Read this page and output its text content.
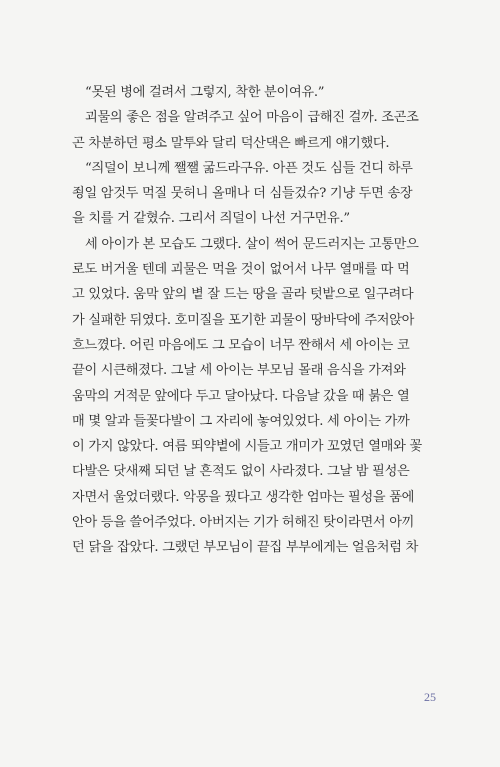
“못된 병에 걸려서 그렇지, 착한 분이여유.”
괴물의 좋은 점을 알려주고 싶어 마음이 급해진 걸까. 조곤조
곤 차분하던 평소 말투와 달리 덕산댁은 빠르게 얘기했다.
“즤덜이 보니께 쨀쨀 굶드라구유. 아픈 것도 심들 건디 하루
죙일 암것두 먹질 뭇허니 올매나 더 심들겄슈? 기냥 두면 송장
을 치를 거 같혔슈. 그리서 즤덜이 나선 거구먼유.”
세 아이가 본 모습도 그랬다. 살이 썩어 문드러지는 고통만으
로도 버거울 텐데 괴물은 먹을 것이 없어서 나무 열매를 따 먹
고 있었다. 움막 앞의 볕 잘 드는 땅을 골라 텃밭으로 일구려다
가 실패한 뒤였다. 호미질을 포기한 괴물이 땅바닥에 주저앉아
흐느꼈다. 어린 마음에도 그 모습이 너무 짠해서 세 아이는 코
끝이 시큰해졌다. 그날 세 아이는 부모님 몰래 음식을 가져와
움막의 거적문 앞에다 두고 달아났다. 다음날 갔을 때 붉은 열
매 몇 알과 들꽃다발이 그 자리에 놓여있었다. 세 아이는 가까
이 가지 않았다. 여름 뙤약볕에 시들고 개미가 꼬였던 열매와 꽃
다발은 닷새째 되던 날 흔적도 없이 사라졌다. 그날 밤 필성은
자면서 울었더랬다. 악몽을 꿨다고 생각한 엄마는 필성을 품에
안아 등을 쓸어주었다. 아버지는 기가 허해진 탓이라면서 아끼
던 닭을 잡았다. 그랬던 부모님이 끝집 부부에게는 얼음처럼 차
25
